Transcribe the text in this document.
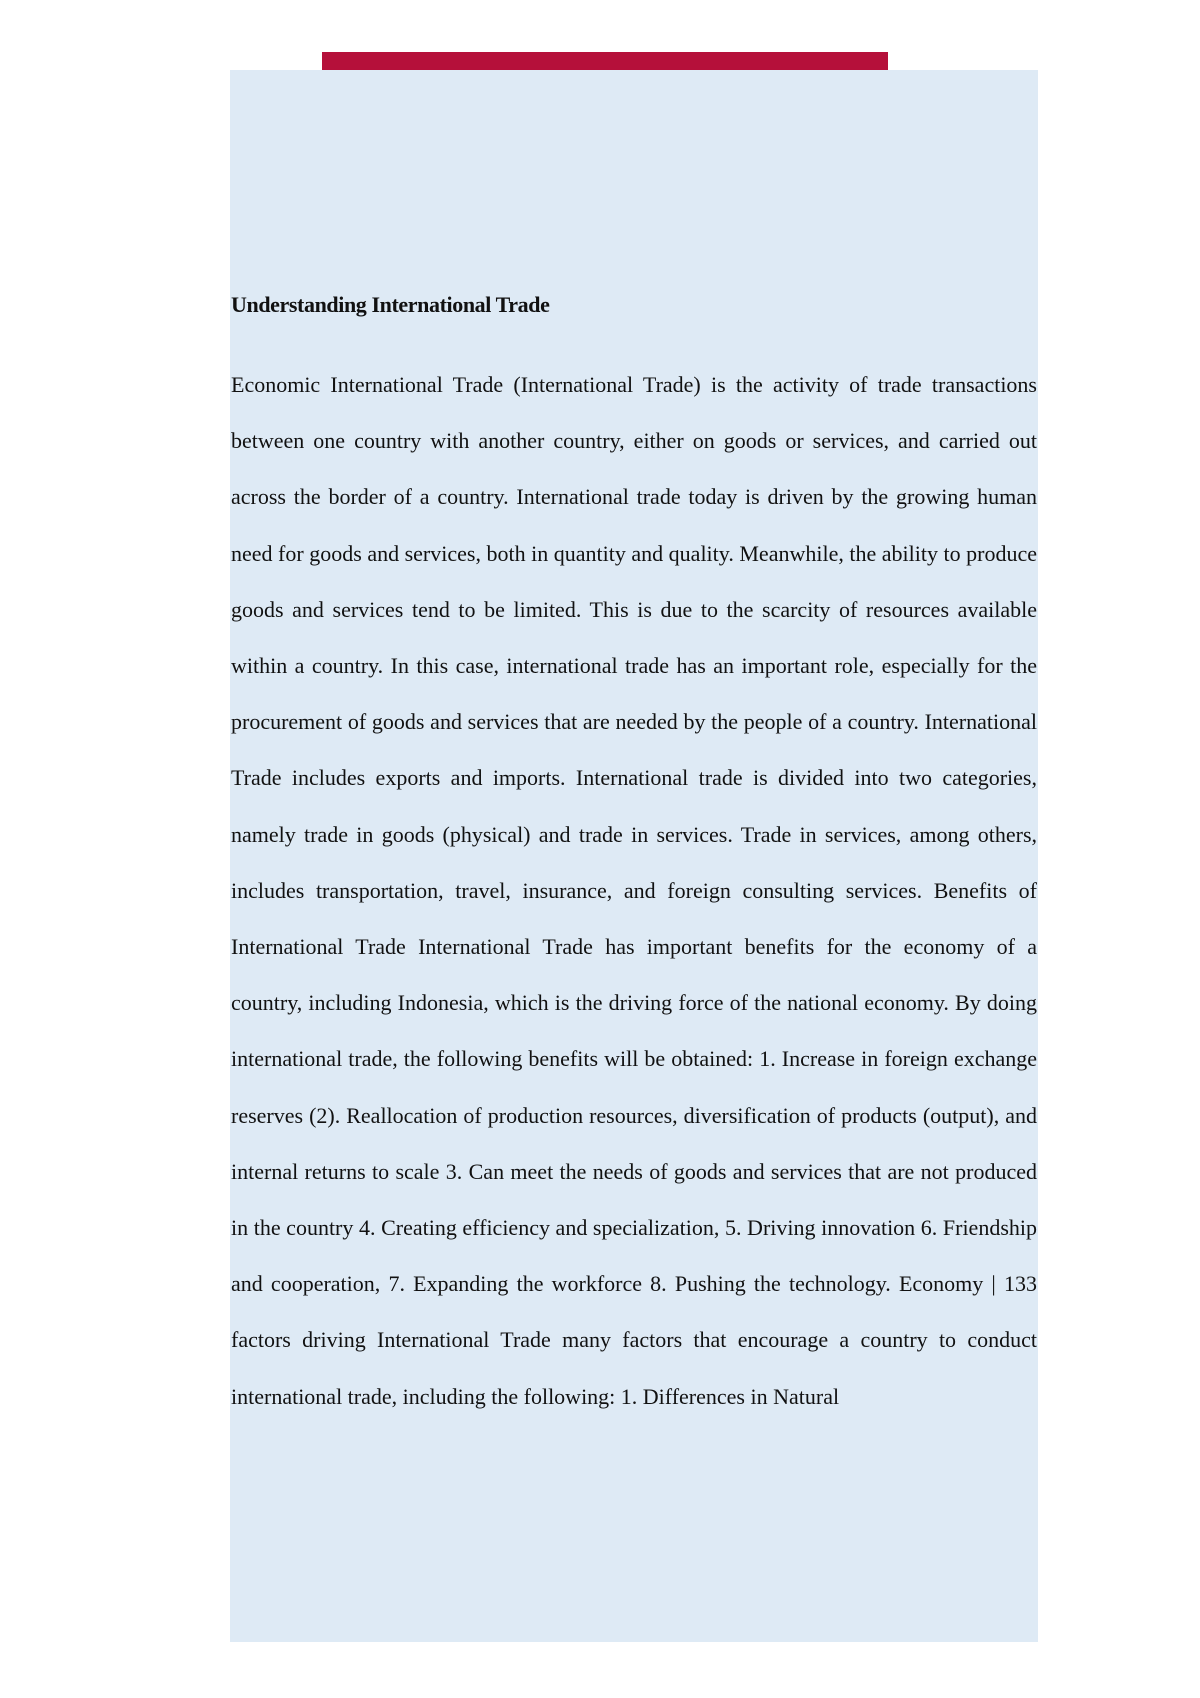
Understanding International Trade

Economic International Trade (International Trade) is the activity of trade transactions between one country with another country, either on goods or services, and carried out across the border of a country. International trade today is driven by the growing human need for goods and services, both in quantity and quality. Meanwhile, the ability to produce goods and services tend to be limited. This is due to the scarcity of resources available within a country. In this case, international trade has an important role, especially for the procurement of goods and services that are needed by the people of a country. International Trade includes exports and imports. International trade is divided into two categories, namely trade in goods (physical) and trade in services. Trade in services, among others, includes transportation, travel, insurance, and foreign consulting services. Benefits of International Trade International Trade has important benefits for the economy of a country, including Indonesia, which is the driving force of the national economy. By doing international trade, the following benefits will be obtained: 1. Increase in foreign exchange reserves (2). Reallocation of production resources, diversification of products (output), and internal returns to scale 3. Can meet the needs of goods and services that are not produced in the country 4. Creating efficiency and specialization, 5. Driving innovation 6. Friendship and cooperation, 7. Expanding the workforce 8. Pushing the technology. Economy | 133 factors driving International Trade many factors that encourage a country to conduct international trade, including the following: 1. Differences in Natural
